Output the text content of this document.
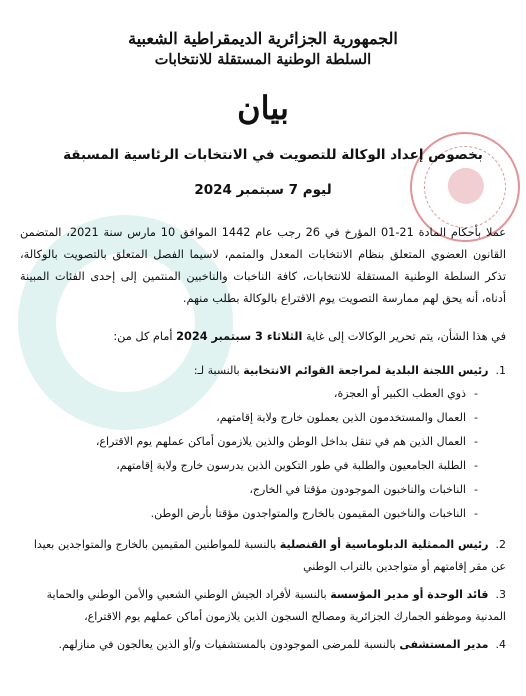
الجمهورية الجزائرية الديمقراطية الشعبية
السلطة الوطنية المستقلة للانتخابات
بيان
بخصوص إعداد الوكالة للتصويت في الانتخابات الرئاسية المسبقة
ليوم 7 سبتمبر 2024
عملا بأحكام المادة 21-01 المؤرخ في 26 رجب عام 1442 الموافق 10 مارس سنة 2021، المتضمن القانون العضوي المتعلق بنظام الانتخابات المعدل والمتمم، لاسيما الفصل المتعلق بالتصويت بالوكالة، تذكر السلطة الوطنية المستقلة للانتخابات، كافة الناخبات والناخبين المنتمين إلى إحدى الفئات المبينة أدناه، أنه يحق لهم ممارسة التصويت يوم الاقتراع بالوكالة بطلب منهم.
في هذا الشأن، يتم تحرير الوكالات إلى غاية الثلاثاء 3 سبتمبر 2024 أمام كل من:
1. رئيس اللجنة البلدية لمراجعة القوائم الانتخابية بالنسبة لـ:
-ذوي العطب الكبير أو العجزة،
-العمال والمستخدمون الذين يعملون خارج ولاية إقامتهم،
-العمال الذين هم في تنقل بداخل الوطن والذين يلازمون أماكن عملهم يوم الاقتراع،
-الطلبة الجامعيون والطلبة في طور التكوين الذين يدرسون خارج ولاية إقامتهم،
-الناخبات والناخبون الموجودون مؤقتا في الخارج،
-الناخبات والناخبون المقيمون بالخارج والمتواجدون مؤقتا بأرض الوطن.
2. رئيس الممثلية الدبلوماسية أو القنصلية بالنسبة للمواطنين المقيمين بالخارج والمتواجدين بعيدا عن مقر إقامتهم أو متواجدين بالتراب الوطني
3. قائد الوحدة أو مدير المؤسسة بالنسبة لأفراد الجيش الوطني الشعبي والأمن الوطني والحماية المدنية وموظفو الجمارك الجزائرية ومصالح السجون الذين يلازمون أماكن عملهم يوم الاقتراع،
4. مدير المستشفى بالنسبة للمرضى الموجودون بالمستشفيات و/أو الذين يعالجون في منازلهم.
